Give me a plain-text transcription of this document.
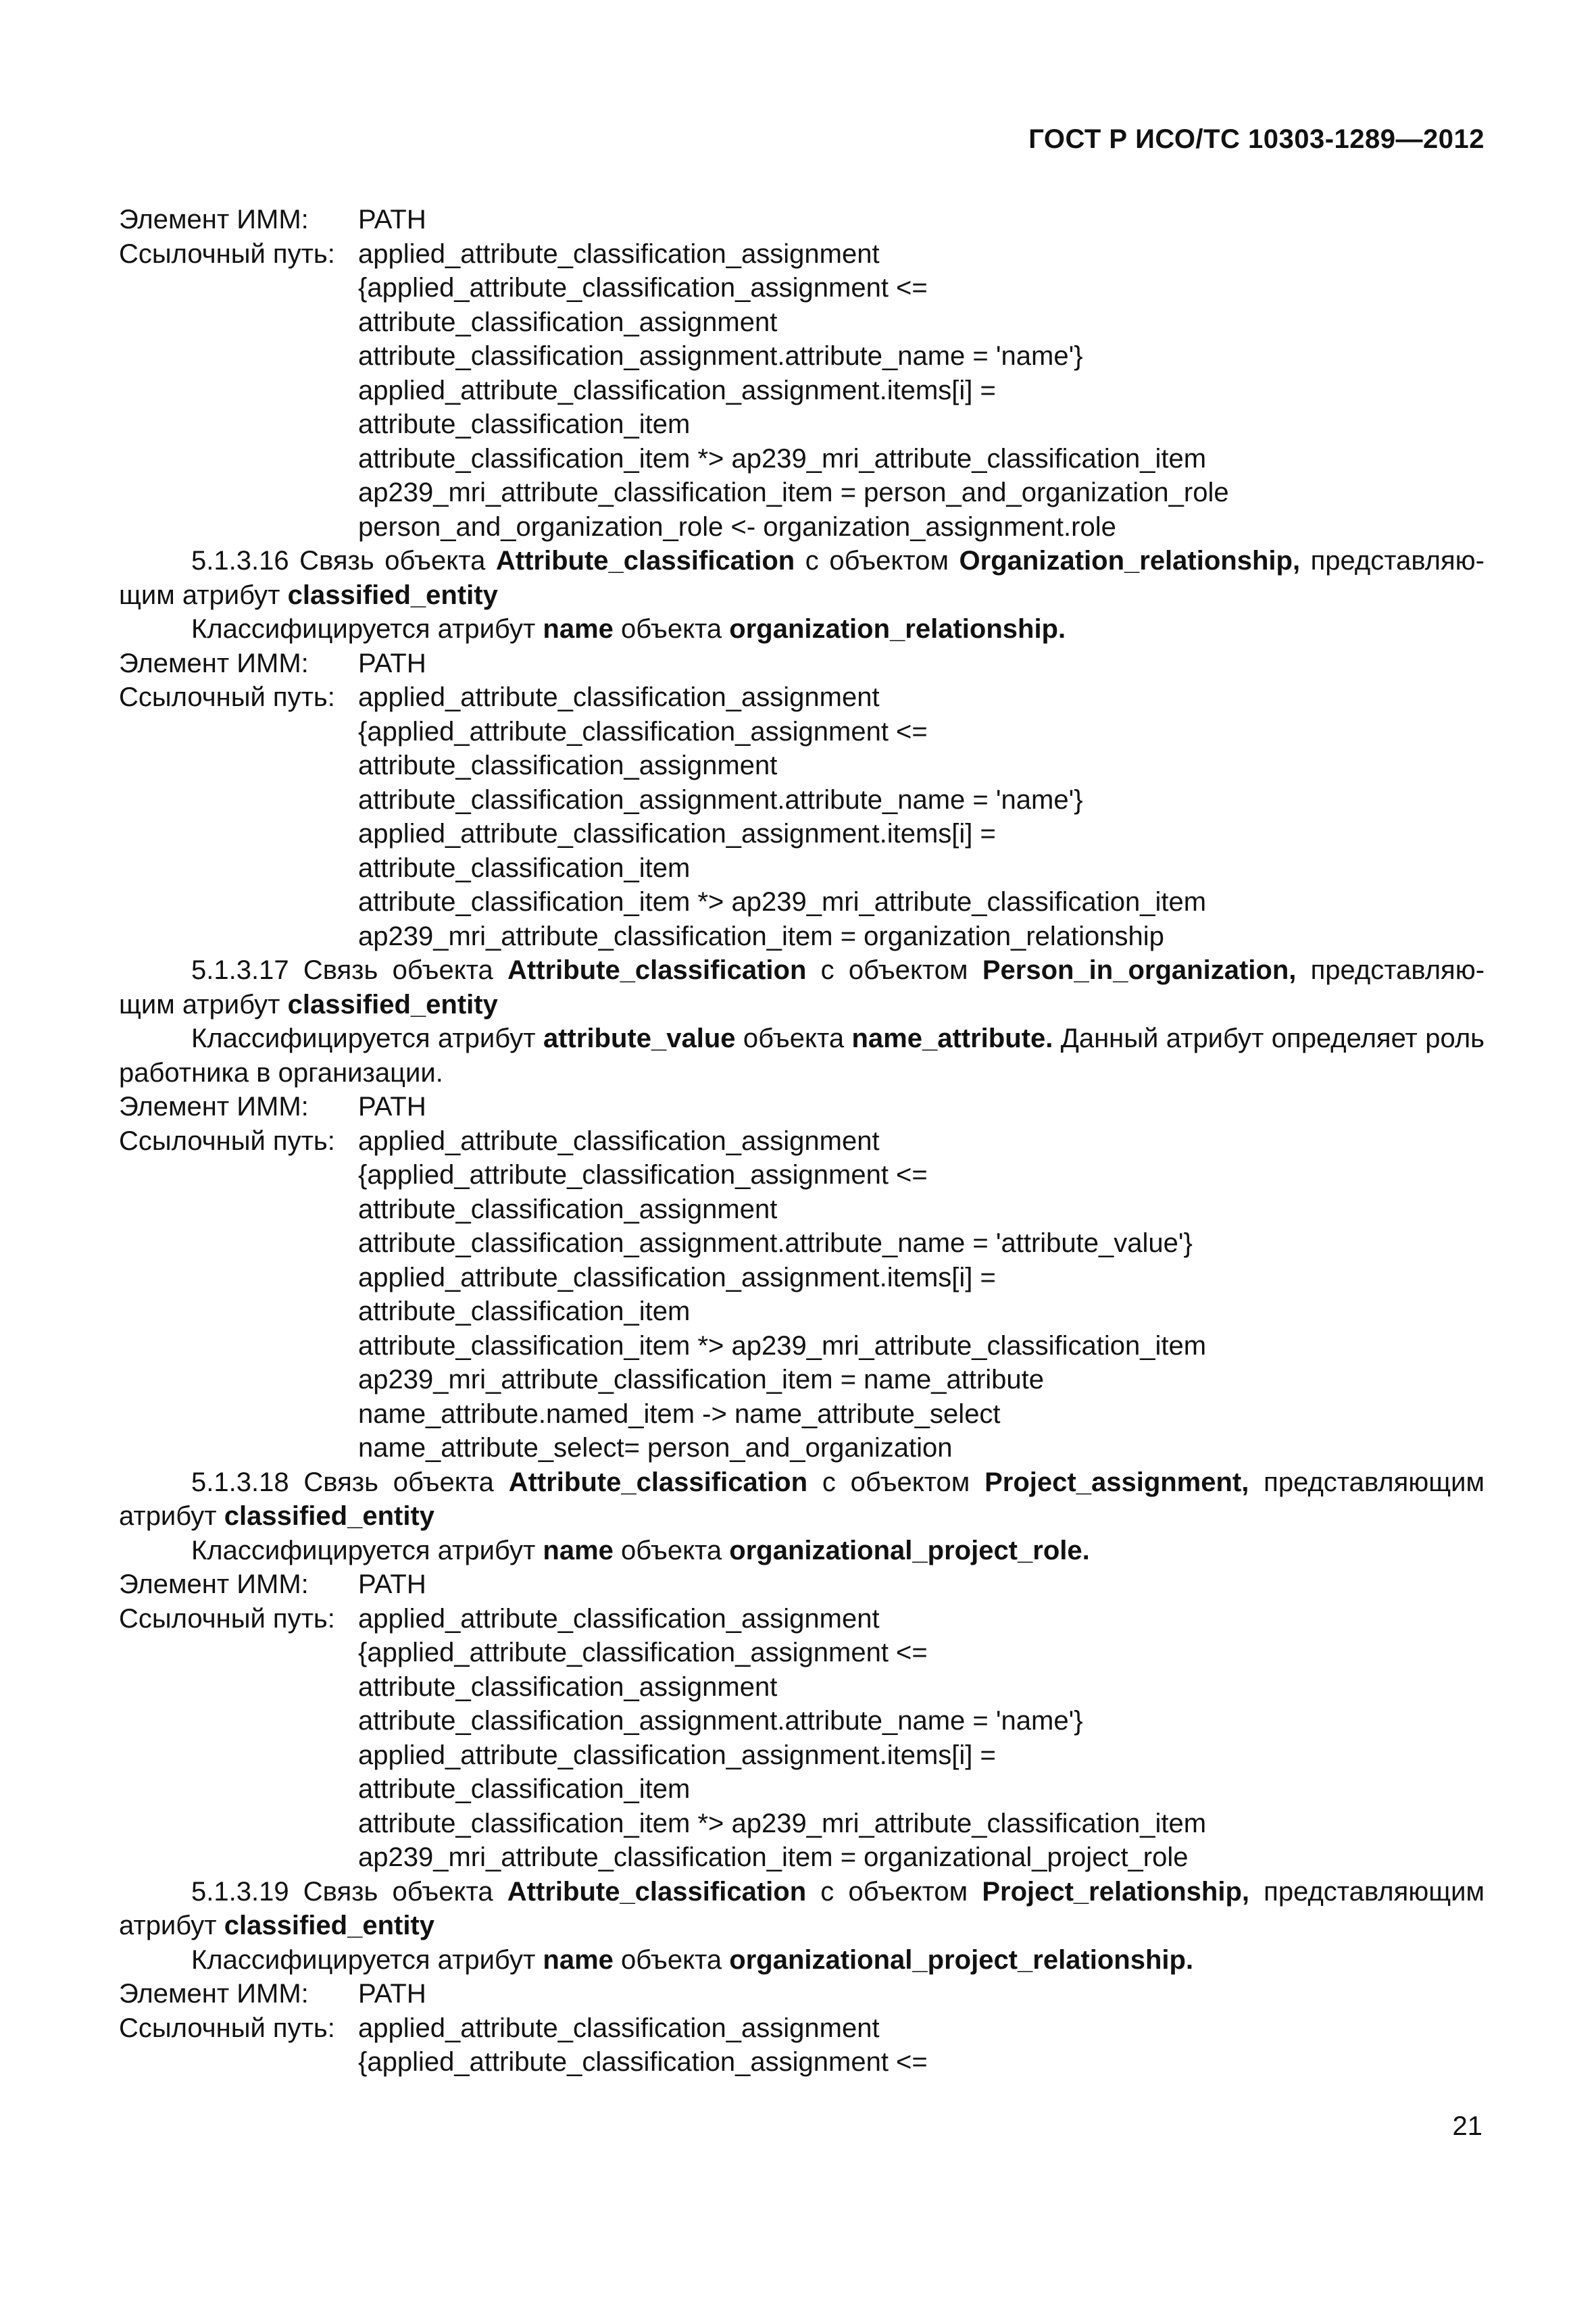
ГОСТ Р ИСО/ТС 10303-1289—2012
Элемент ИММ:	PATH
Ссылочный путь: applied_attribute_classification_assignment
{applied_attribute_classification_assignment <=
attribute_classification_assignment
attribute_classification_assignment.attribute_name = 'name'}
applied_attribute_classification_assignment.items[i] =
attribute_classification_item
attribute_classification_item *> ap239_mri_attribute_classification_item
ap239_mri_attribute_classification_item = person_and_organization_role
person_and_organization_role <- organization_assignment.role
5.1.3.16 Связь объекта Attribute_classification с объектом Organization_relationship, представляю-щим атрибут classified_entity
Классифицируется атрибут name объекта organization_relationship.
Элемент ИММ:	PATH
Ссылочный путь: applied_attribute_classification_assignment
{applied_attribute_classification_assignment <=
attribute_classification_assignment
attribute_classification_assignment.attribute_name = 'name'}
applied_attribute_classification_assignment.items[i] =
attribute_classification_item
attribute_classification_item *> ap239_mri_attribute_classification_item
ap239_mri_attribute_classification_item = organization_relationship
5.1.3.17 Связь объекта Attribute_classification с объектом Person_in_organization, представляю-щим атрибут classified_entity
Классифицируется атрибут attribute_value объекта name_attribute. Данный атрибут определяет роль работника в организации.
Элемент ИММ:	PATH
Ссылочный путь: applied_attribute_classification_assignment
{applied_attribute_classification_assignment <=
attribute_classification_assignment
attribute_classification_assignment.attribute_name = 'attribute_value'}
applied_attribute_classification_assignment.items[i] =
attribute_classification_item
attribute_classification_item *> ap239_mri_attribute_classification_item
ap239_mri_attribute_classification_item = name_attribute
name_attribute.named_item -> name_attribute_select
name_attribute_select= person_and_organization
5.1.3.18 Связь объекта Attribute_classification с объектом Project_assignment, представляющим атрибут classified_entity
Классифицируется атрибут name объекта organizational_project_role.
Элемент ИММ:	PATH
Ссылочный путь: applied_attribute_classification_assignment
{applied_attribute_classification_assignment <=
attribute_classification_assignment
attribute_classification_assignment.attribute_name = 'name'}
applied_attribute_classification_assignment.items[i] =
attribute_classification_item
attribute_classification_item *> ap239_mri_attribute_classification_item
ap239_mri_attribute_classification_item = organizational_project_role
5.1.3.19 Связь объекта Attribute_classification с объектом Project_relationship, представляющим атрибут classified_entity
Классифицируется атрибут name объекта organizational_project_relationship.
Элемент ИММ:	PATH
Ссылочный путь: applied_attribute_classification_assignment
{applied_attribute_classification_assignment <=
21
